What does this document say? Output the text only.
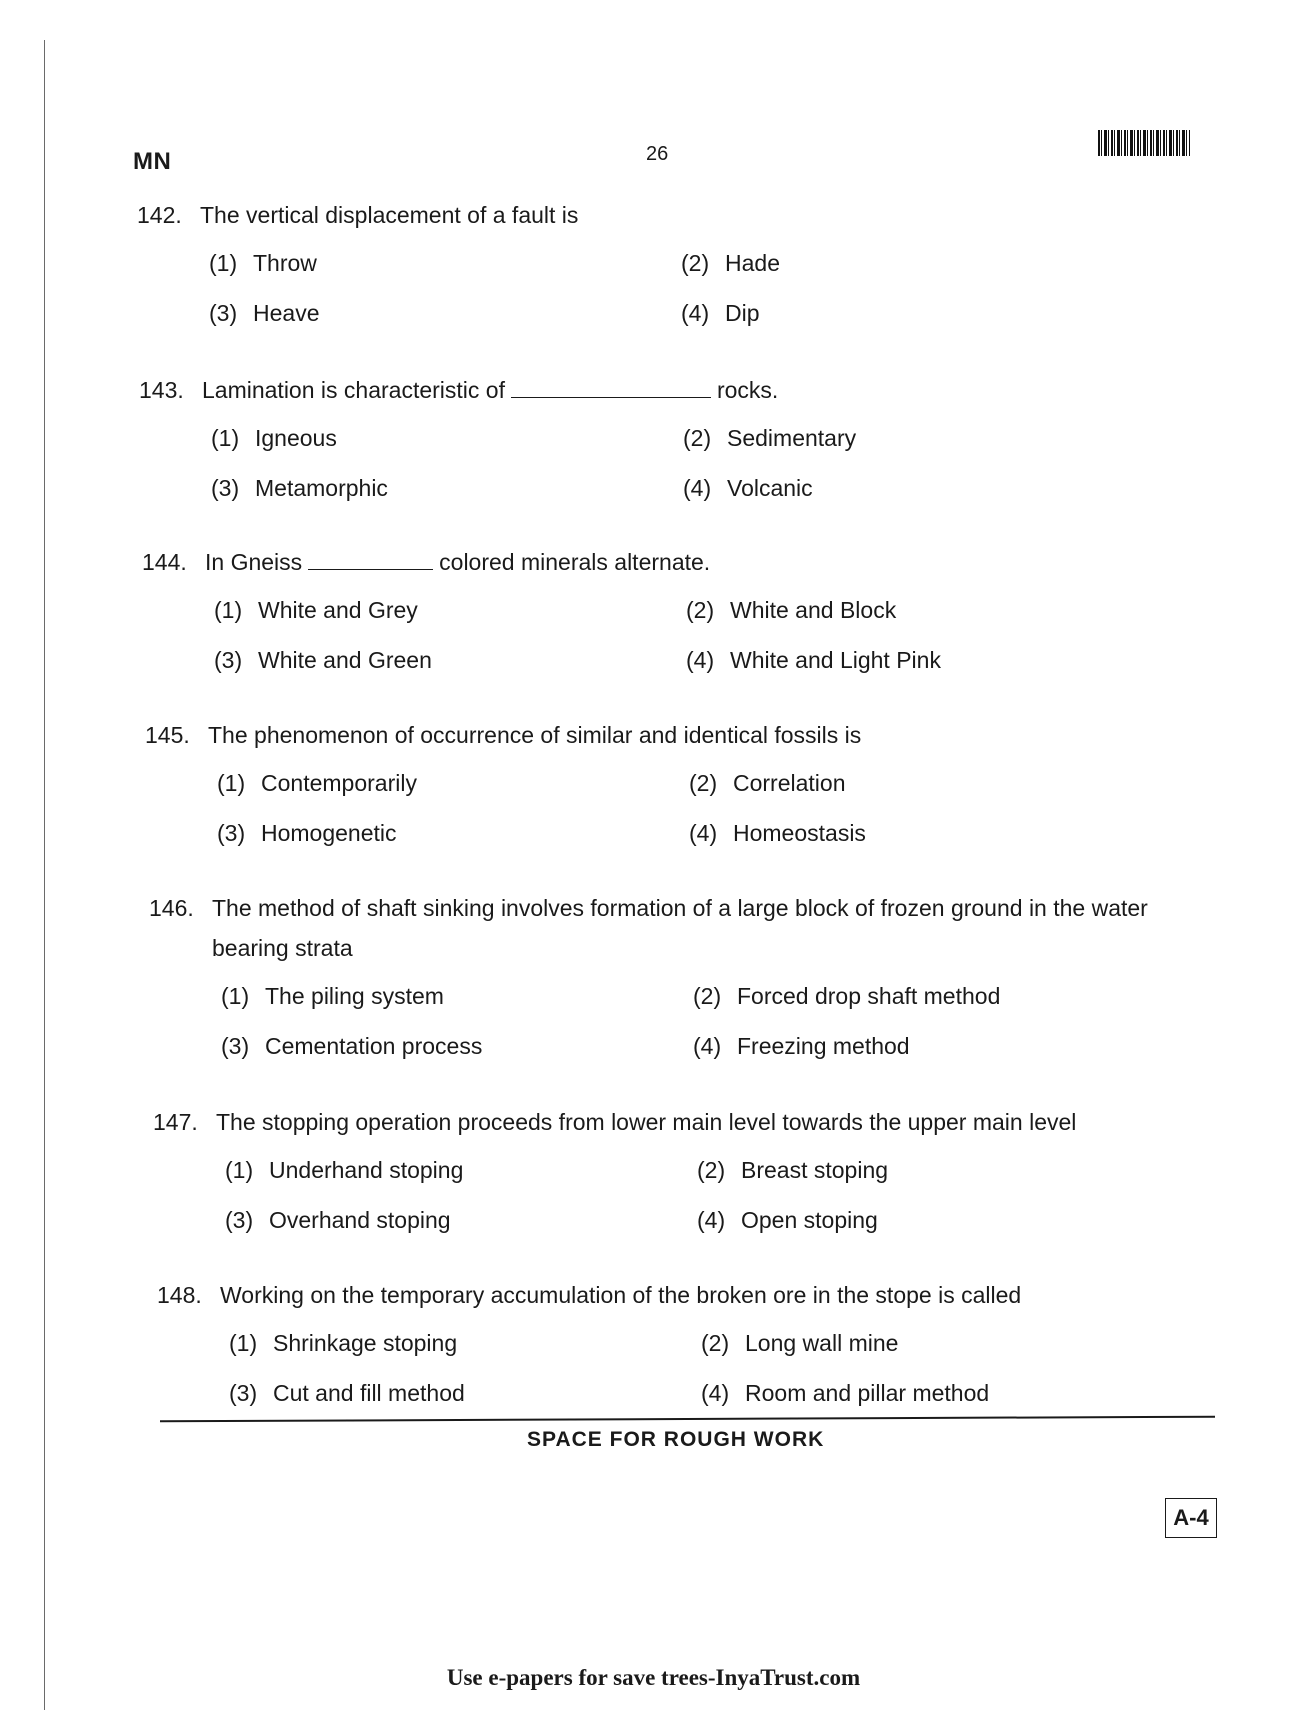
MN	26
142. The vertical displacement of a fault is
(1) Throw	(2) Hade
(3) Heave	(4) Dip
143. Lamination is characteristic of	rocks.
(1) Igneous	(2) Sedimentary
(3) Metamorphic	(4) Volcanic
144. In Gneiss	colored minerals alternate.
(1) White and Grey	(2) White and Block
(3) White and Green	(4) White and Light Pink
145. The phenomenon of occurrence of similar and identical fossils is
(1) Contemporarily	(2) Correlation
(3) Homogenetic	(4) Homeostasis
146. The method of shaft sinking involves formation of a large block of frozen ground in the water bearing strata
(1) The piling system	(2) Forced drop shaft method
(3) Cementation process	(4) Freezing method
147. The stopping operation proceeds from lower main level towards the upper main level
(1) Underhand stoping	(2) Breast stoping
(3) Overhand stoping	(4) Open stoping
148. Working on the temporary accumulation of the broken ore in the stope is called
(1) Shrinkage stoping	(2) Long wall mine
(3) Cut and fill method	(4) Room and pillar method
SPACE FOR ROUGH WORK
A-4
Use e-papers for save trees-InyaTrust.com
